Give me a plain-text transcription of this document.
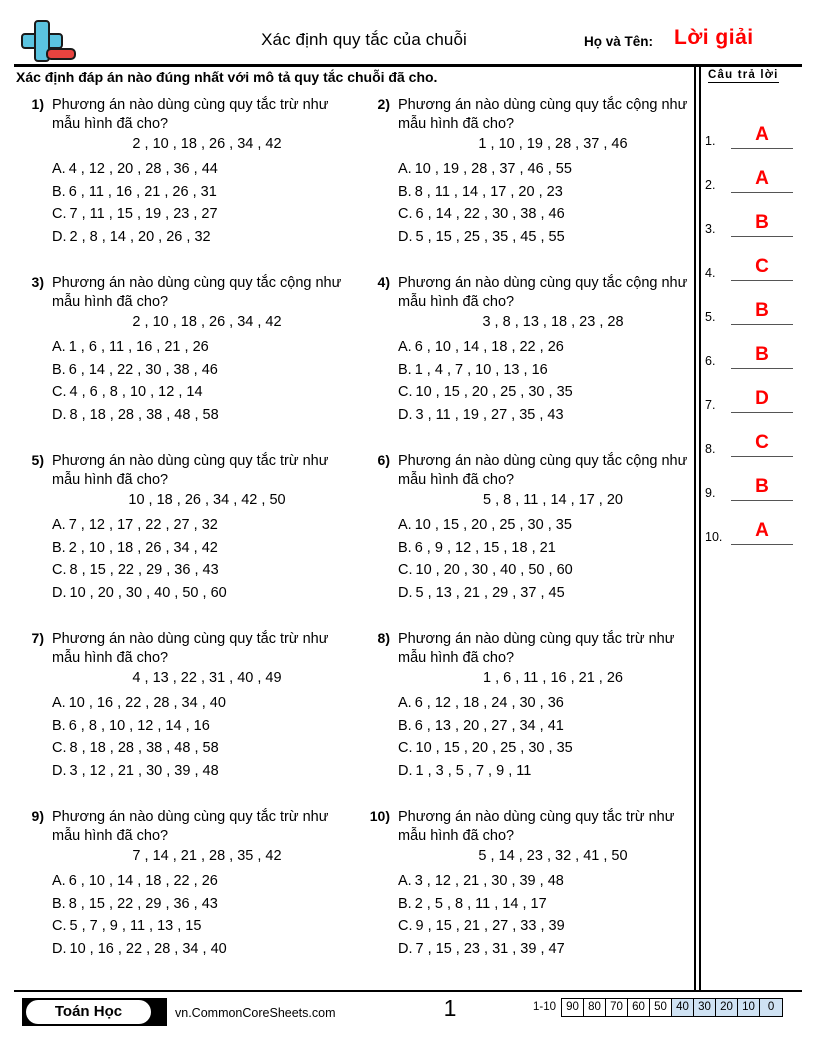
Xác định quy tắc của chuỗi	Họ và Tên: Lời giải
Xác định đáp án nào đúng nhất với mô tả quy tắc chuỗi đã cho.	Câu trả lời
1.	A
2.	A
3.	B
4.	C
5.	B
6.	B
7.	D
8.	C
9.	B
10.	A
1) Phương án nào dùng cùng quy tắc trừ như mẫu hình đã cho?
2 , 10 , 18 , 26 , 34 , 42
A. 4 , 12 , 20 , 28 , 36 , 44
B. 6 , 11 , 16 , 21 , 26 , 31
C. 7 , 11 , 15 , 19 , 23 , 27
D. 2 , 8 , 14 , 20 , 26 , 32
2) Phương án nào dùng cùng quy tắc cộng như mẫu hình đã cho?
1 , 10 , 19 , 28 , 37 , 46
A. 10 , 19 , 28 , 37 , 46 , 55
B. 8 , 11 , 14 , 17 , 20 , 23
C. 6 , 14 , 22 , 30 , 38 , 46
D. 5 , 15 , 25 , 35 , 45 , 55
3) Phương án nào dùng cùng quy tắc cộng như mẫu hình đã cho?
2 , 10 , 18 , 26 , 34 , 42
A. 1 , 6 , 11 , 16 , 21 , 26
B. 6 , 14 , 22 , 30 , 38 , 46
C. 4 , 6 , 8 , 10 , 12 , 14
D. 8 , 18 , 28 , 38 , 48 , 58
4) Phương án nào dùng cùng quy tắc cộng như mẫu hình đã cho?
3 , 8 , 13 , 18 , 23 , 28
A. 6 , 10 , 14 , 18 , 22 , 26
B. 1 , 4 , 7 , 10 , 13 , 16
C. 10 , 15 , 20 , 25 , 30 , 35
D. 3 , 11 , 19 , 27 , 35 , 43
5) Phương án nào dùng cùng quy tắc trừ như mẫu hình đã cho?
10 , 18 , 26 , 34 , 42 , 50
A. 7 , 12 , 17 , 22 , 27 , 32
B. 2 , 10 , 18 , 26 , 34 , 42
C. 8 , 15 , 22 , 29 , 36 , 43
D. 10 , 20 , 30 , 40 , 50 , 60
6) Phương án nào dùng cùng quy tắc cộng như mẫu hình đã cho?
5 , 8 , 11 , 14 , 17 , 20
A. 10 , 15 , 20 , 25 , 30 , 35
B. 6 , 9 , 12 , 15 , 18 , 21
C. 10 , 20 , 30 , 40 , 50 , 60
D. 5 , 13 , 21 , 29 , 37 , 45
7) Phương án nào dùng cùng quy tắc trừ như mẫu hình đã cho?
4 , 13 , 22 , 31 , 40 , 49
A. 10 , 16 , 22 , 28 , 34 , 40
B. 6 , 8 , 10 , 12 , 14 , 16
C. 8 , 18 , 28 , 38 , 48 , 58
D. 3 , 12 , 21 , 30 , 39 , 48
8) Phương án nào dùng cùng quy tắc trừ như mẫu hình đã cho?
1 , 6 , 11 , 16 , 21 , 26
A. 6 , 12 , 18 , 24 , 30 , 36
B. 6 , 13 , 20 , 27 , 34 , 41
C. 10 , 15 , 20 , 25 , 30 , 35
D. 1 , 3 , 5 , 7 , 9 , 11
9) Phương án nào dùng cùng quy tắc trừ như mẫu hình đã cho?
7 , 14 , 21 , 28 , 35 , 42
A. 6 , 10 , 14 , 18 , 22 , 26
B. 8 , 15 , 22 , 29 , 36 , 43
C. 5 , 7 , 9 , 11 , 13 , 15
D. 10 , 16 , 22 , 28 , 34 , 40
10) Phương án nào dùng cùng quy tắc trừ như mẫu hình đã cho?
5 , 14 , 23 , 32 , 41 , 50
A. 3 , 12 , 21 , 30 , 39 , 48
B. 2 , 5 , 8 , 11 , 14 , 17
C. 9 , 15 , 21 , 27 , 33 , 39
D. 7 , 15 , 23 , 31 , 39 , 47
Toán Học	vn.CommonCoreSheets.com	1	1-10 90 80 70 60 50 40 30 20 10	0
